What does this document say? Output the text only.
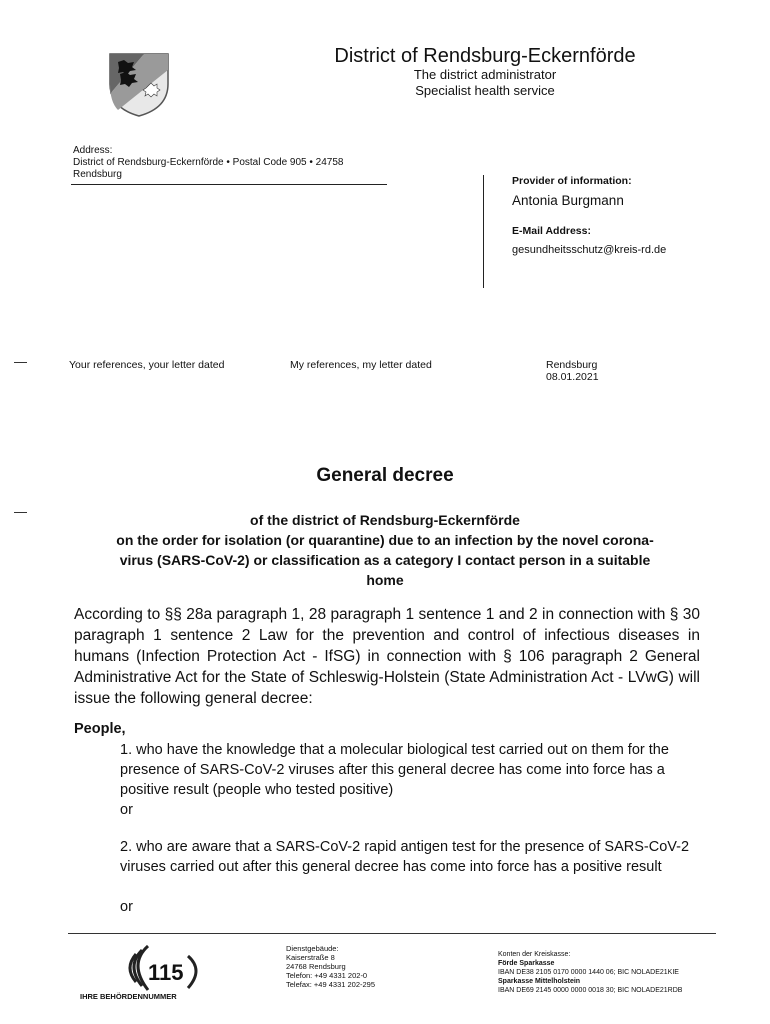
District of Rendsburg-Eckernförde
The district administrator
Specialist health service
Address:
District of Rendsburg-Eckernförde • Postal Code 905 • 24758
Rendsburg
Provider of information:
Antonia Burgmann
E-Mail Address:
gesundheitsschutz@kreis-rd.de
Your references, your letter dated	My references, my letter dated	Rendsburg
08.01.2021
General decree
of the district of Rendsburg-Eckernförde
on the order for isolation (or quarantine) due to an infection by the novel corona-
virus (SARS-CoV-2) or classification as a category I contact person in a suitable
home
According to §§ 28a paragraph 1, 28 paragraph 1 sentence 1 and 2 in connection with § 30 paragraph 1 sentence 2 Law for the prevention and control of infectious diseases in humans (Infection Protection Act - IfSG) in connection with § 106 paragraph 2 General Administrative Act for the State of Schleswig-Holstein (State Administration Act - LVwG) will issue the following general decree:
People,
1. who have the knowledge that a molecular biological test carried out on them for the presence of SARS-CoV-2 viruses after this general decree has come into force has a positive result (people who tested positive)
or
2. who are aware that a SARS-CoV-2 rapid antigen test for the presence of SARS-CoV-2 viruses carried out after this general decree has come into force has a positive result
or
115
IHRE BEHÖRDENNUMMER
Dienstgebäude:
Kaiserstraße 8
24768 Rendsburg
Telefon: +49 4331 202-0
Telefax: +49 4331 202-295
Konten der Kreiskasse:
Förde Sparkasse
IBAN DE38 2105 0170 0000 1440 06; BIC NOLADE21KIE
Sparkasse Mittelholstein
IBAN DE69 2145 0000 0000 0018 30; BIC NOLADE21RDB
